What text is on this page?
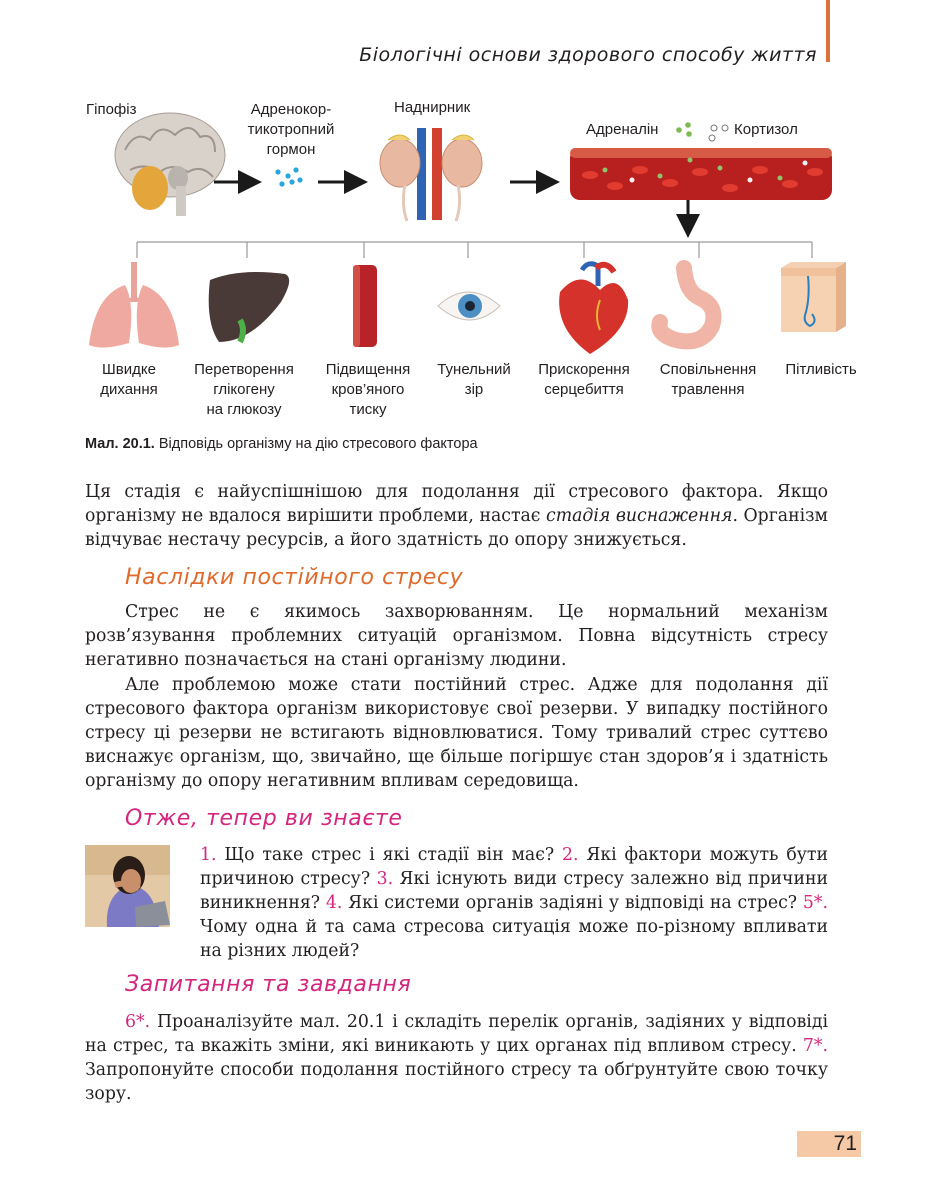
Біологічні основи здорового способу життя
Гіпофіз	Адренокор-
тикотропний
гормон
Наднирник
Адреналін	Кортизол
Швидке
дихання
Перетворення
глікогену
на глюкозу
Підвищення
кров’яного
тиску
Тунельний
зір
Прискорення
серцебиття
Сповільнення
травлення
Пітливість
Мал. 20.1. Відповідь організму на дію стресового фактора
Ця стадія є найуспішнішою для подолання дії стресового фактора. Якщо організму не вдалося вирішити проблеми, настає стадія виснаження. Організм відчуває нестачу ресурсів, а його здатність до опору знижується.
Наслідки постійного стресу
Стрес не є якимось захворюванням. Це нормальний механізм розв’язування проблемних ситуацій організмом. Повна відсутність стресу негативно позначається на стані організму людини.
Але проблемою може стати постійний стрес. Адже для подолання дії стресового фактора організм використовує свої резерви. У випадку постійного стресу ці резерви не встигають відновлюватися. Тому тривалий стрес суттєво виснажує організм, що, звичайно, ще більше погіршує стан здоров’я і здатність організму до опору негативним впливам середовища.
Отже, тепер ви знаєте
1. Що таке стрес і які стадії він має? 2. Які фактори можуть бути причиною стресу? 3. Які існують види стресу залежно від причини виникнення? 4. Які системи органів задіяні у відповіді на стрес? 5*. Чому одна й та сама стресова ситуація може по-різному впливати на різних людей?
Запитання та завдання
6*. Проаналізуйте мал. 20.1 і складіть перелік органів, задіяних у відповіді на стрес, та вкажіть зміни, які виникають у цих органах під впливом стресу. 7*. Запропонуйте способи подолання постійного стресу та обґрунтуйте свою точку зору.
71
